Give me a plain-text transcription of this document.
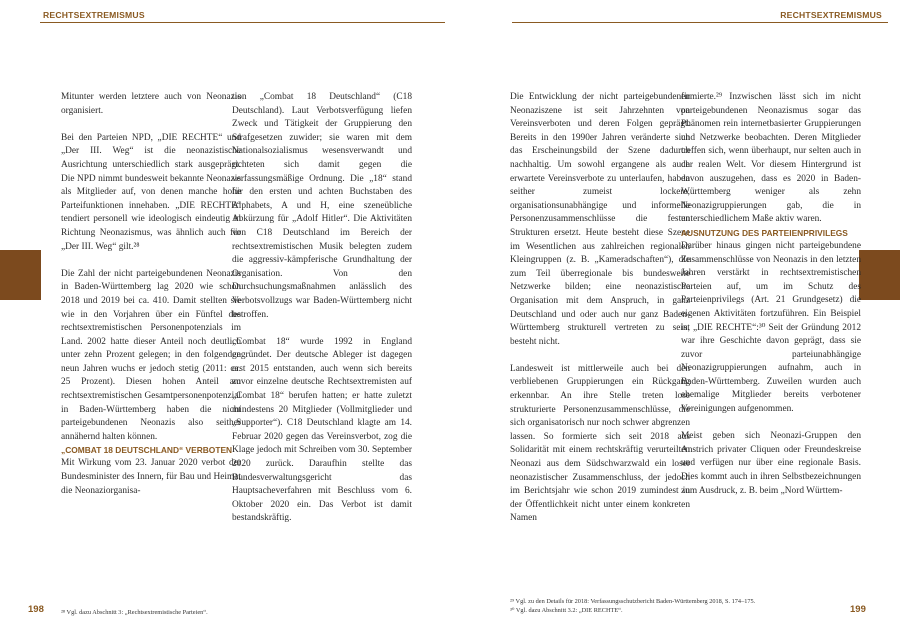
RECHTSEXTREMISMUS

Mitunter werden letztere auch von Neonazis organisiert.

Bei den Parteien NPD, „DIE RECHTE“ und „Der III. Weg“ ist die neonazistische Ausrichtung unterschiedlich stark ausgeprägt. Die NPD nimmt bundesweit bekannte Neonazis als Mitglieder auf, von denen manche hohe Parteifunktionen innehaben. „DIE RECHTE“ tendiert personell wie ideologisch eindeutig in Richtung Neonazismus, was ähnlich auch für „Der III. Weg“ gilt.²⁸

Die Zahl der nicht parteigebundenen Neonazis in Baden-Württemberg lag 2020 wie schon 2018 und 2019 bei ca. 410. Damit stellten sie wie in den Vorjahren über ein Fünftel des rechtsextremistischen Personenpotenzials im Land. 2002 hatte dieser Anteil noch deutlich unter zehn Prozent gelegen; in den folgenden neun Jahren wuchs er jedoch stetig (2011: ca. 25 Prozent). Diesen hohen Anteil am rechtsextremistischen Gesamtpersonenpotenzial in Baden-Württemberg haben die nicht parteigebundenen Neonazis also seither annähernd halten können.

„COMBAT 18 DEUTSCHLAND“ VERBOTEN

Mit Wirkung vom 23. Januar 2020 verbot der Bundesminister des Innern, für Bau und Heimat die Neonaziorganisa-

tion „Combat 18 Deutschland“ (C18 Deutschland). Laut Verbotsverfügung liefen Zweck und Tätigkeit der Gruppierung den Strafgesetzen zuwider; sie waren mit dem Nationalsozialismus wesensverwandt und richteten sich damit gegen die verfassungsmäßige Ordnung. Die „18“ stand für den ersten und achten Buchstaben des Alphabets, A und H, eine szeneübliche Abkürzung für „Adolf Hitler“. Die Aktivitäten von C18 Deutschland im Bereich der rechtsextremistischen Musik belegten zudem die aggressiv-kämpferische Grundhaltung der Organisation. Von den Durchsuchungsmaßnahmen anlässlich des Verbotsvollzugs war Baden-Württemberg nicht betroffen.

„Combat 18“ wurde 1992 in England gegründet. Der deutsche Ableger ist dagegen erst 2015 entstanden, auch wenn sich bereits zuvor einzelne deutsche Rechtsextremisten auf „Combat 18“ berufen hatten; er hatte zuletzt mindestens 20 Mitglieder (Vollmitglieder und „Supporter“). C18 Deutschland klagte am 14. Februar 2020 gegen das Vereinsverbot, zog die Klage jedoch mit Schreiben vom 30. September 2020 zurück. Daraufhin stellte das Bundesverwaltungsgericht das Hauptsacheverfahren mit Beschluss vom 6. Oktober 2020 ein. Das Verbot ist damit bestandskräftig.

²⁸ Vgl. dazu Abschnitt 3: „Rechtsextremistische Parteien“.
198
RECHTSEXTREMISMUS

Die Entwicklung der nicht parteigebundenen Neonaziszene ist seit Jahrzehnten von Vereinsverboten und deren Folgen geprägt. Bereits in den 1990er Jahren veränderte sich das Erscheinungsbild der Szene dadurch nachhaltig. Um sowohl ergangene als auch erwartete Vereinsverbote zu unterlaufen, haben seither zumeist lockere, organisationsunabhängige und informelle Personenzusammenschlüsse die festen Strukturen ersetzt. Heute besteht diese Szene im Wesentlichen aus zahlreichen regionalen Kleingruppen (z. B. „Kameradschaften“), die zum Teil überregionale bis bundesweite Netzwerke bilden; eine neonazistische Organisation mit dem Anspruch, in ganz Deutschland und oder auch nur ganz Baden-Württemberg strukturell vertreten zu sein, besteht nicht.

Landesweit ist mittlerweile auch bei den verbliebenen Gruppierungen ein Rückgang erkennbar. An ihre Stelle treten lose strukturierte Personenzusammenschlüsse, die sich organisatorisch nur noch schwer abgrenzen lassen. So formierte sich seit 2018 aus Solidarität mit einem rechtskräftig verurteilten Neonazi aus dem Südschwarzwald ein loser neonazistischer Zusammenschluss, der jedoch im Berichtsjahr wie schon 2019 zumindest in der Öffentlichkeit nicht unter einem konkreten Namen

firmierte.²⁹ Inzwischen lässt sich im nicht parteigebundenen Neonazismus sogar das Phänomen rein internetbasierter Gruppierungen und Netzwerke beobachten. Deren Mitglieder treffen sich, wenn überhaupt, nur selten auch in der realen Welt. Vor diesem Hintergrund ist davon auszugehen, dass es 2020 in Baden-Württemberg weniger als zehn Neonazigruppierungen gab, die in unterschiedlichem Maße aktiv waren.

AUSNUTZUNG DES PARTEIENPRIVILEGS

Darüber hinaus gingen nicht parteigebundene Zusammenschlüsse von Neonazis in den letzten Jahren verstärkt in rechtsextremistischen Parteien auf, um im Schutz des Parteienprivilegs (Art. 21 Grundgesetz) die eigenen Aktivitäten fortzuführen. Ein Beispiel ist „DIE RECHTE“:³⁰ Seit der Gründung 2012 war ihre Geschichte davon geprägt, dass sie zuvor parteiunabhängige Neonazigruppierungen aufnahm, auch in Baden-Württemberg. Zuweilen wurden auch ehemalige Mitglieder bereits verbotener Vereinigungen aufgenommen.

Meist geben sich Neonazi-Gruppen den Anstrich privater Cliquen oder Freundeskreise und verfügen nur über eine regionale Basis. Dies kommt auch in ihren Selbstbezeichnungen zum Ausdruck, z. B. beim „Nord Württem-

²⁹ Vgl. zu den Details für 2018: Verfassungsschutzbericht Baden-Württemberg 2018, S. 174–175.
³⁰ Vgl. dazu Abschnitt 3.2: „DIE RECHTE“.	199
